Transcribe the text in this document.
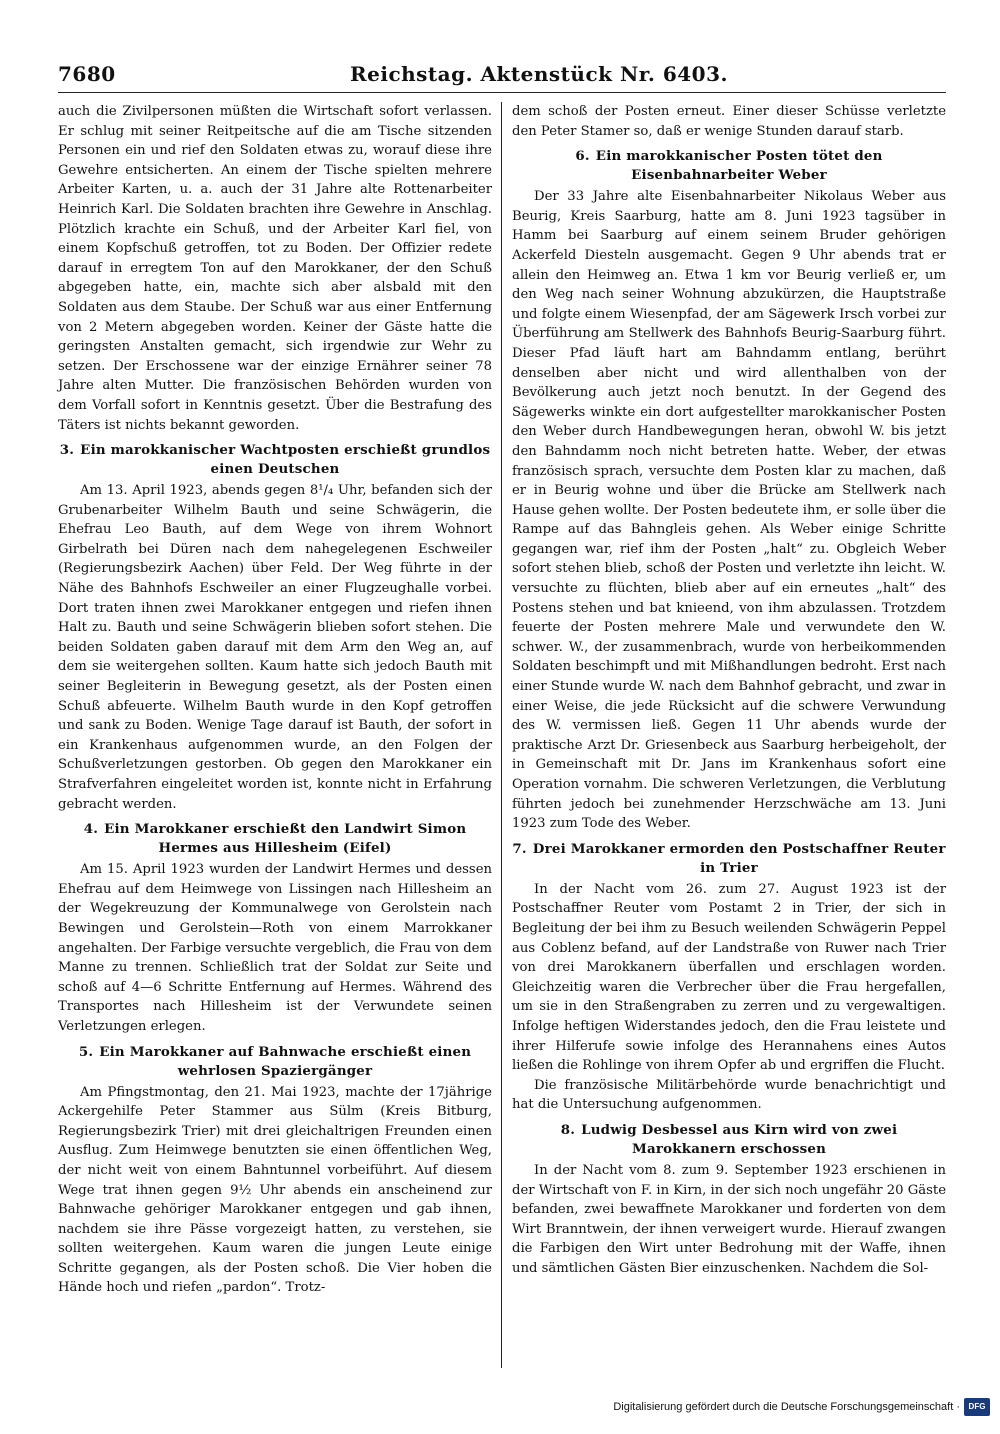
7680	Reichstag. Aktenstück Nr. 6403.

auch die Zivilpersonen müßten die Wirtschaft sofort verlassen. Er schlug mit seiner Reitpeitsche auf die am Tische sitzenden Personen ein und rief den Soldaten etwas zu, worauf diese ihre Gewehre entsicherten. An einem der Tische spielten mehrere Arbeiter Karten, u. a. auch der 31 Jahre alte Rottenarbeiter Heinrich Karl. Die Soldaten brachten ihre Gewehre in Anschlag. Plötzlich krachte ein Schuß, und der Arbeiter Karl fiel, von einem Kopfschuß getroffen, tot zu Boden. Der Offizier redete darauf in erregtem Ton auf den Marokkaner, der den Schuß abgegeben hatte, ein, machte sich aber alsbald mit den Soldaten aus dem Staube. Der Schuß war aus einer Entfernung von 2 Metern abgegeben worden. Keiner der Gäste hatte die geringsten Anstalten gemacht, sich irgendwie zur Wehr zu setzen. Der Erschossene war der einzige Ernährer seiner 78 Jahre alten Mutter. Die französischen Behörden wurden von dem Vorfall sofort in Kenntnis gesetzt. Über die Bestrafung des Täters ist nichts bekannt geworden.

3. Ein marokkanischer Wachtposten erschießt grundlos einen Deutschen

Am 13. April 1923, abends gegen 8¹/₄ Uhr, befanden sich der Grubenarbeiter Wilhelm Bauth und seine Schwägerin, die Ehefrau Leo Bauth, auf dem Wege von ihrem Wohnort Girbelrath bei Düren nach dem nahegelegenen Eschweiler (Regierungsbezirk Aachen) über Feld. Der Weg führte in der Nähe des Bahnhofs Eschweiler an einer Flugzeughalle vorbei. Dort traten ihnen zwei Marokkaner entgegen und riefen ihnen Halt zu. Bauth und seine Schwägerin blieben sofort stehen. Die beiden Soldaten gaben darauf mit dem Arm den Weg an, auf dem sie weitergehen sollten. Kaum hatte sich jedoch Bauth mit seiner Begleiterin in Bewegung gesetzt, als der Posten einen Schuß abfeuerte. Wilhelm Bauth wurde in den Kopf getroffen und sank zu Boden. Wenige Tage darauf ist Bauth, der sofort in ein Krankenhaus aufgenommen wurde, an den Folgen der Schußverletzungen gestorben. Ob gegen den Marokkaner ein Strafverfahren eingeleitet worden ist, konnte nicht in Erfahrung gebracht werden.

4. Ein Marokkaner erschießt den Landwirt Simon Hermes aus Hillesheim (Eifel)

Am 15. April 1923 wurden der Landwirt Hermes und dessen Ehefrau auf dem Heimwege von Lissingen nach Hillesheim an der Wegekreuzung der Kommunalwege von Gerolstein nach Bewingen und Gerolstein—Roth von einem Marrokkaner angehalten. Der Farbige versuchte vergeblich, die Frau von dem Manne zu trennen. Schließlich trat der Soldat zur Seite und schoß auf 4—6 Schritte Entfernung auf Hermes. Während des Transportes nach Hillesheim ist der Verwundete seinen Verletzungen erlegen.

5. Ein Marokkaner auf Bahnwache erschießt einen wehrlosen Spaziergänger

Am Pfingstmontag, den 21. Mai 1923, machte der 17jährige Ackergehilfe Peter Stammer aus Sülm (Kreis Bitburg, Regierungsbezirk Trier) mit drei gleichaltrigen Freunden einen Ausflug. Zum Heimwege benutzten sie einen öffentlichen Weg, der nicht weit von einem Bahntunnel vorbeiführt. Auf diesem Wege trat ihnen gegen 9½ Uhr abends ein anscheinend zur Bahnwache gehöriger Marokkaner entgegen und gab ihnen, nachdem sie ihre Pässe vorgezeigt hatten, zu verstehen, sie sollten weitergehen. Kaum waren die jungen Leute einige Schritte gegangen, als der Posten schoß. Die Vier hoben die Hände hoch und riefen „pardon“. Trotz-

dem schoß der Posten erneut. Einer dieser Schüsse verletzte den Peter Stamer so, daß er wenige Stunden darauf starb.

6. Ein marokkanischer Posten tötet den Eisenbahnarbeiter Weber

Der 33 Jahre alte Eisenbahnarbeiter Nikolaus Weber aus Beurig, Kreis Saarburg, hatte am 8. Juni 1923 tagsüber in Hamm bei Saarburg auf einem seinem Bruder gehörigen Ackerfeld Diesteln ausgemacht. Gegen 9 Uhr abends trat er allein den Heimweg an. Etwa 1 km vor Beurig verließ er, um den Weg nach seiner Wohnung abzukürzen, die Hauptstraße und folgte einem Wiesenpfad, der am Sägewerk Irsch vorbei zur Überführung am Stellwerk des Bahnhofs Beurig-Saarburg führt. Dieser Pfad läuft hart am Bahndamm entlang, berührt denselben aber nicht und wird allenthalben von der Bevölkerung auch jetzt noch benutzt. In der Gegend des Sägewerks winkte ein dort aufgestellter marokkanischer Posten den Weber durch Handbewegungen heran, obwohl W. bis jetzt den Bahndamm noch nicht betreten hatte. Weber, der etwas französisch sprach, versuchte dem Posten klar zu machen, daß er in Beurig wohne und über die Brücke am Stellwerk nach Hause gehen wollte. Der Posten bedeutete ihm, er solle über die Rampe auf das Bahngleis gehen. Als Weber einige Schritte gegangen war, rief ihm der Posten „halt“ zu. Obgleich Weber sofort stehen blieb, schoß der Posten und verletzte ihn leicht. W. versuchte zu flüchten, blieb aber auf ein erneutes „halt“ des Postens stehen und bat knieend, von ihm abzulassen. Trotzdem feuerte der Posten mehrere Male und verwundete den W. schwer. W., der zusammenbrach, wurde von herbeikommenden Soldaten beschimpft und mit Mißhandlungen bedroht. Erst nach einer Stunde wurde W. nach dem Bahnhof gebracht, und zwar in einer Weise, die jede Rücksicht auf die schwere Verwundung des W. vermissen ließ. Gegen 11 Uhr abends wurde der praktische Arzt Dr. Griesenbeck aus Saarburg herbeigeholt, der in Gemeinschaft mit Dr. Jans im Krankenhaus sofort eine Operation vornahm. Die schweren Verletzungen, die Verblutung führten jedoch bei zunehmender Herzschwäche am 13. Juni 1923 zum Tode des Weber.

7. Drei Marokkaner ermorden den Postschaffner Reuter in Trier

In der Nacht vom 26. zum 27. August 1923 ist der Postschaffner Reuter vom Postamt 2 in Trier, der sich in Begleitung der bei ihm zu Besuch weilenden Schwägerin Peppel aus Coblenz befand, auf der Landstraße von Ruwer nach Trier von drei Marokkanern überfallen und erschlagen worden. Gleichzeitig waren die Verbrecher über die Frau hergefallen, um sie in den Straßengraben zu zerren und zu vergewaltigen. Infolge heftigen Widerstandes jedoch, den die Frau leistete und ihrer Hilferufe sowie infolge des Herannahens eines Autos ließen die Rohlinge von ihrem Opfer ab und ergriffen die Flucht.

Die französische Militärbehörde wurde benachrichtigt und hat die Untersuchung aufgenommen.

8. Ludwig Desbessel aus Kirn wird von zwei Marokkanern erschossen

In der Nacht vom 8. zum 9. September 1923 erschienen in der Wirtschaft von F. in Kirn, in der sich noch ungefähr 20 Gäste befanden, zwei bewaffnete Marokkaner und forderten von dem Wirt Branntwein, der ihnen verweigert wurde. Hierauf zwangen die Farbigen den Wirt unter Bedrohung mit der Waffe, ihnen und sämtlichen Gästen Bier einzuschenken. Nachdem die Sol-

Digitalisierung gefördert durch die Deutsche Forschungsgemeinschaft ·	DFG
